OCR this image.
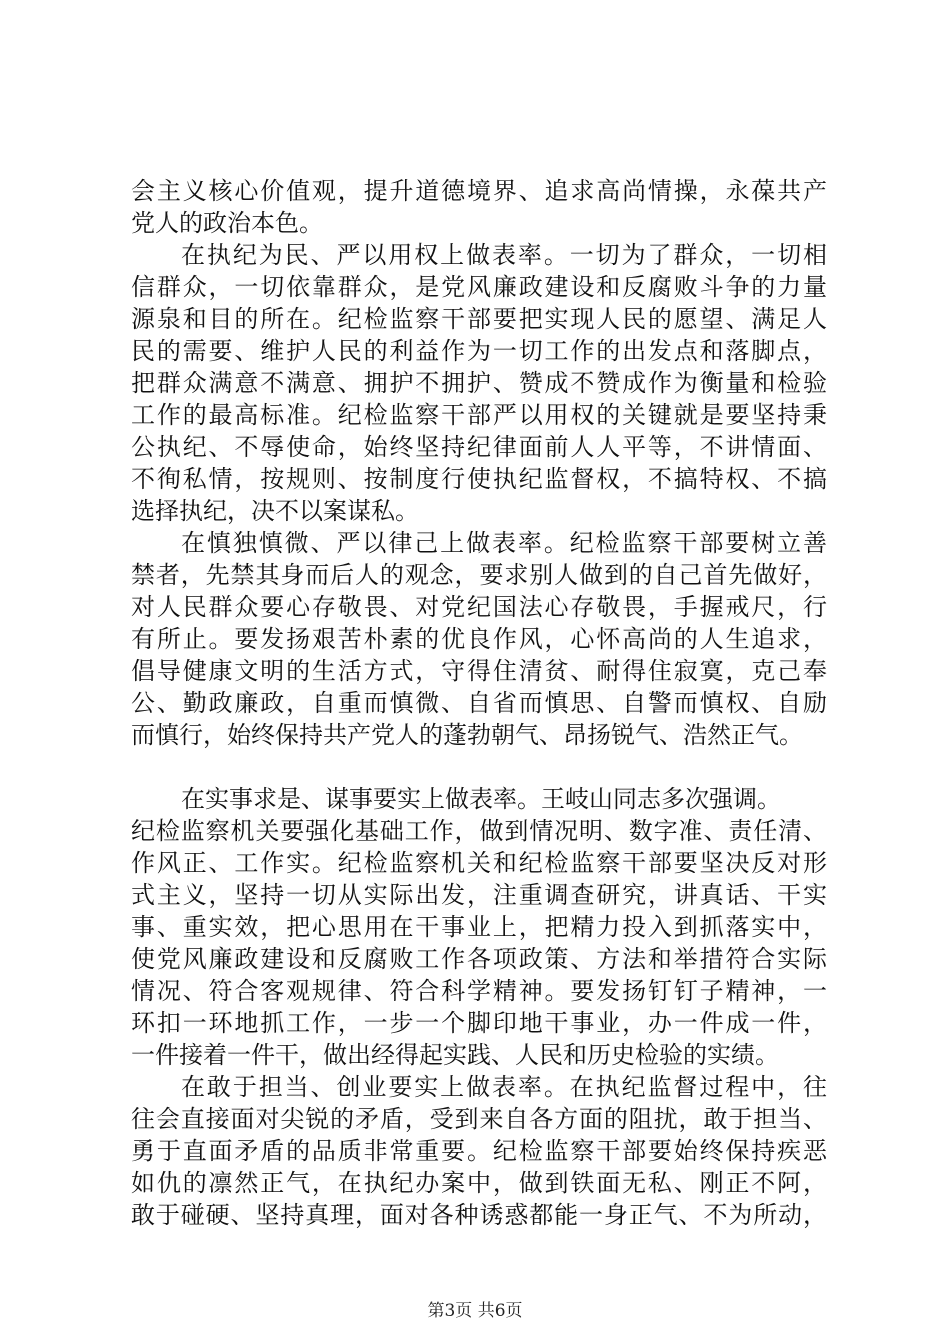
会主义核心价值观，提升道德境界、追求高尚情操，永葆共产
党人的政治本色。
在执纪为民、严以用权上做表率。一切为了群众，一切相
信群众，一切依靠群众，是党风廉政建设和反腐败斗争的力量
源泉和目的所在。纪检监察干部要把实现人民的愿望、满足人
民的需要、维护人民的利益作为一切工作的出发点和落脚点，
把群众满意不满意、拥护不拥护、赞成不赞成作为衡量和检验
工作的最高标准。纪检监察干部严以用权的关键就是要坚持秉
公执纪、不辱使命，始终坚持纪律面前人人平等，不讲情面、
不徇私情，按规则、按制度行使执纪监督权，不搞特权、不搞
选择执纪，决不以案谋私。
在慎独慎微、严以律己上做表率。纪检监察干部要树立善
禁者，先禁其身而后人的观念，要求别人做到的自己首先做好，
对人民群众要心存敬畏、对党纪国法心存敬畏，手握戒尺，行
有所止。要发扬艰苦朴素的优良作风，心怀高尚的人生追求，
倡导健康文明的生活方式，守得住清贫、耐得住寂寞，克己奉
公、勤政廉政，自重而慎微、自省而慎思、自警而慎权、自励
而慎行，始终保持共产党人的蓬勃朝气、昂扬锐气、浩然正气。
在实事求是、谋事要实上做表率。王岐山同志多次强调。
纪检监察机关要强化基础工作，做到情况明、数字准、责任清、
作风正、工作实。纪检监察机关和纪检监察干部要坚决反对形
式主义，坚持一切从实际出发，注重调查研究，讲真话、干实
事、重实效，把心思用在干事业上，把精力投入到抓落实中，
使党风廉政建设和反腐败工作各项政策、方法和举措符合实际
情况、符合客观规律、符合科学精神。要发扬钉钉子精神，一
环扣一环地抓工作，一步一个脚印地干事业，办一件成一件，
一件接着一件干，做出经得起实践、人民和历史检验的实绩。
在敢于担当、创业要实上做表率。在执纪监督过程中，往
往会直接面对尖锐的矛盾，受到来自各方面的阻扰，敢于担当、
勇于直面矛盾的品质非常重要。纪检监察干部要始终保持疾恶
如仇的凛然正气，在执纪办案中，做到铁面无私、刚正不阿，
敢于碰硬、坚持真理，面对各种诱惑都能一身正气、不为所动，
第3页 共6页
